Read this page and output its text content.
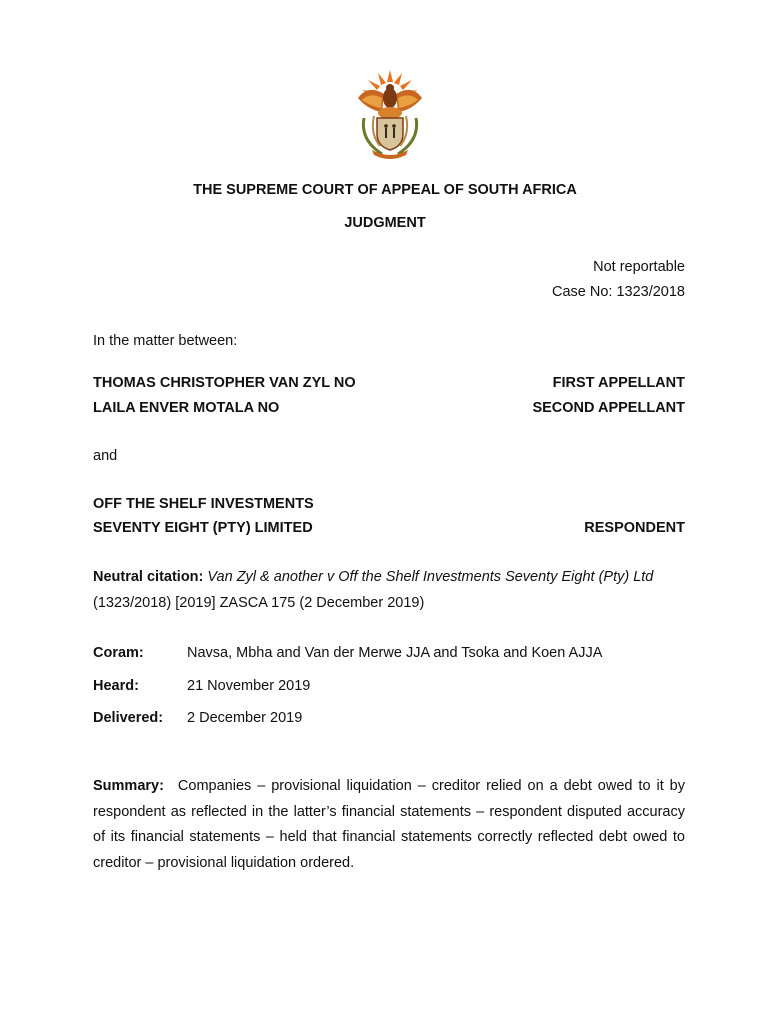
THE SUPREME COURT OF APPEAL OF SOUTH AFRICA
JUDGMENT
Not reportable
Case No: 1323/2018
In the matter between:
THOMAS CHRISTOPHER VAN ZYL NO	FIRST APPELLANT
LAILA ENVER MOTALA NO	SECOND APPELLANT
and
OFF THE SHELF INVESTMENTS
SEVENTY EIGHT (PTY) LIMITED	RESPONDENT
Neutral citation: Van Zyl & another v Off the Shelf Investments Seventy Eight (Pty) Ltd
(1323/2018) [2019] ZASCA 175 (2 December 2019)
Coram:	Navsa, Mbha and Van der Merwe JJA and Tsoka and Koen AJJA
Heard:	21 November 2019
Delivered: 2 December 2019
Summary: Companies – provisional liquidation – creditor relied on a debt owed to it by respondent as reflected in the latter’s financial statements – respondent disputed accuracy of its financial statements – held that financial statements correctly reflected debt owed to creditor – provisional liquidation ordered.
